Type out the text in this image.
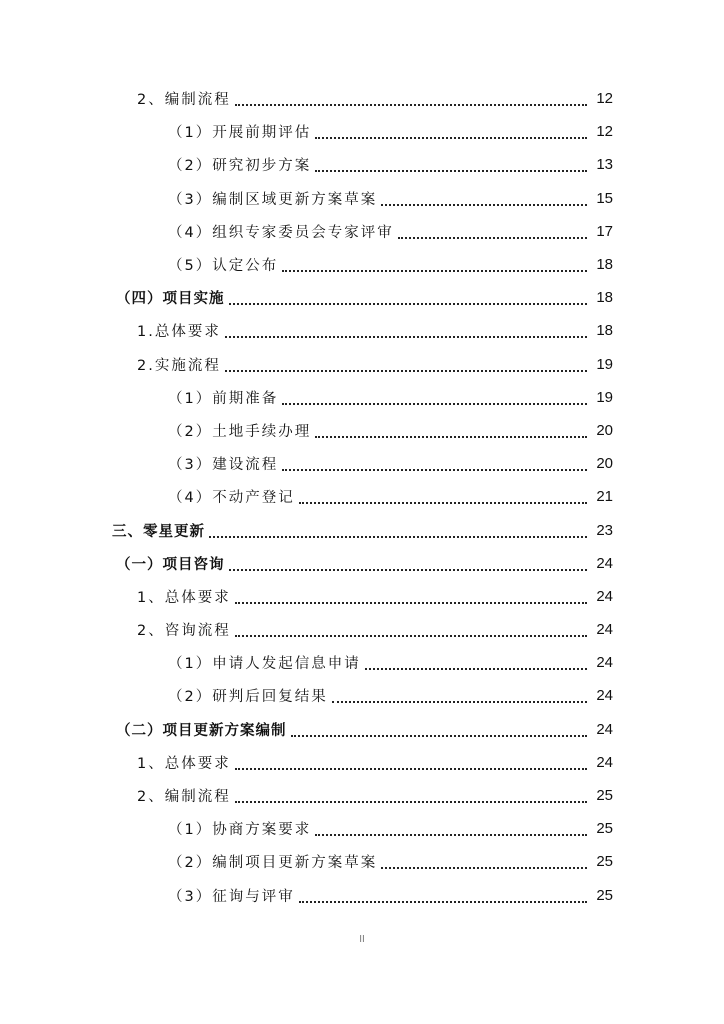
2、编制流程	12
（1）开展前期评估	12
（2）研究初步方案	13
（3）编制区域更新方案草案	15
（4）组织专家委员会专家评审	17
（5）认定公布	18
（四）项目实施	18
1.总体要求	18
2.实施流程	19
（1）前期准备	19
（2）土地手续办理	20
（3）建设流程	20
（4）不动产登记	21
三、零星更新	23
（一）项目咨询	24
1、总体要求	24
2、咨询流程	24
（1）申请人发起信息申请	24
（2）研判后回复结果	24
（二）项目更新方案编制	24
1、总体要求	24
2、编制流程	25
（1）协商方案要求	25
（2）编制项目更新方案草案	25
（3）征询与评审	25
II
